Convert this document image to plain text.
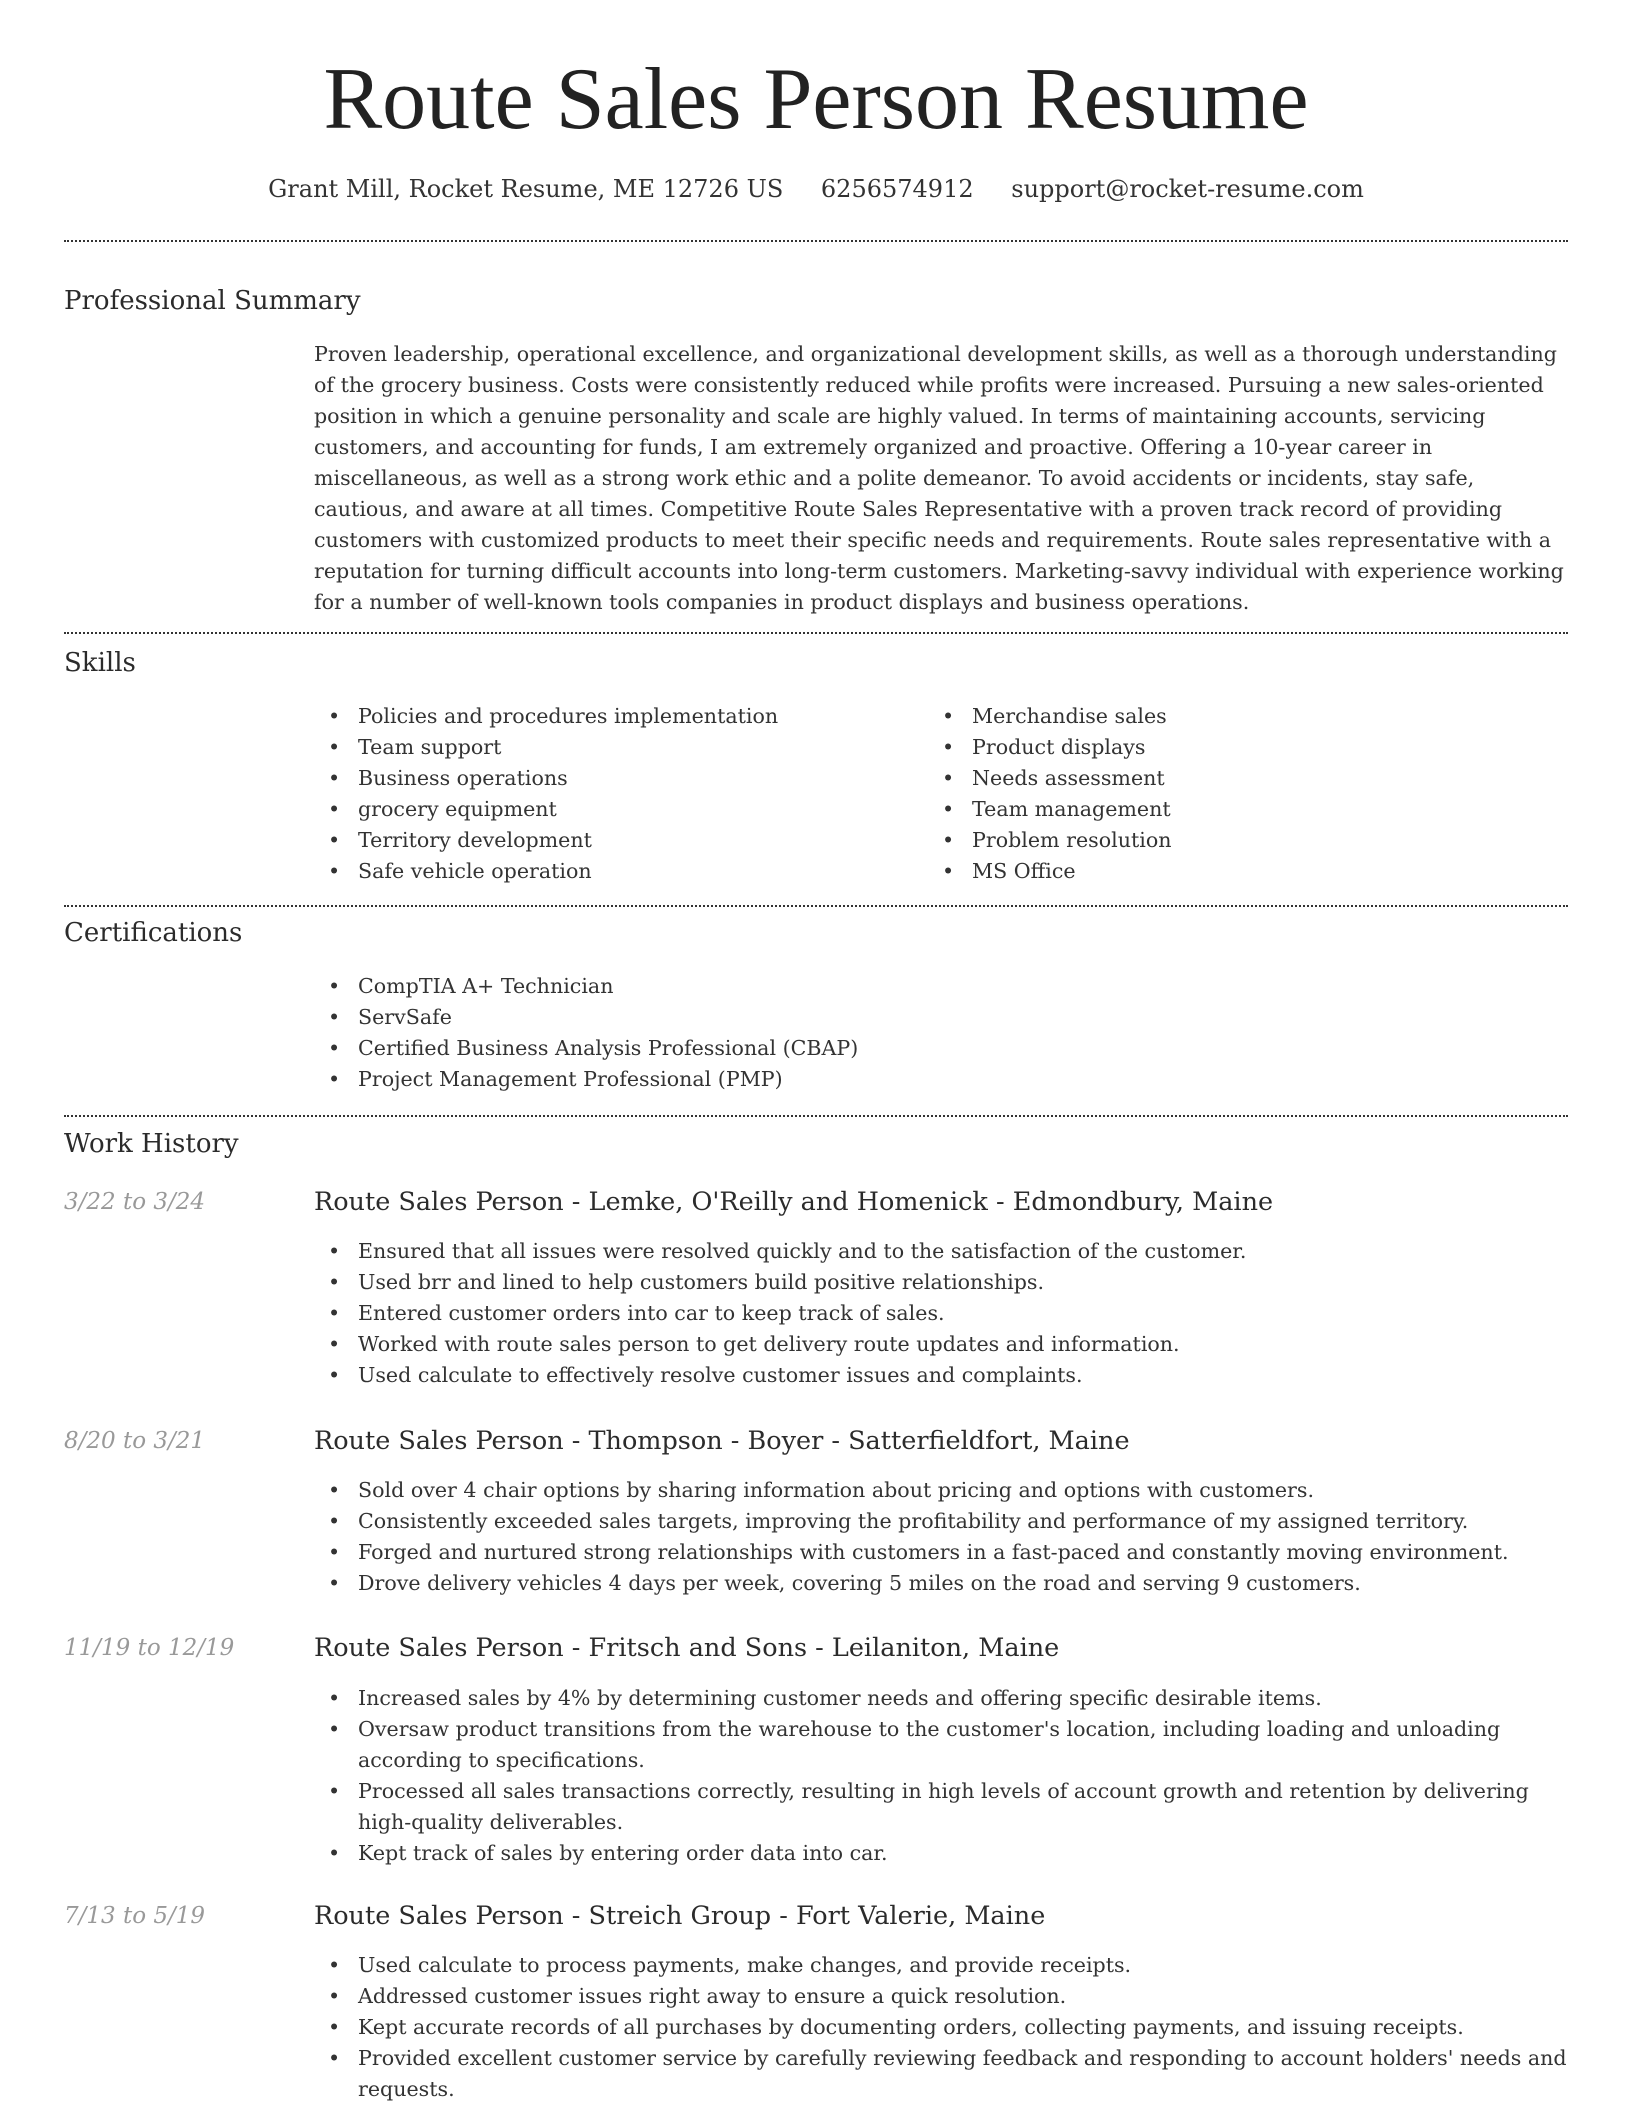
Route Sales Person Resume
Grant Mill, Rocket Resume, ME 12726 US 6256574912 support@rocket-resume.com
Professional Summary

Proven leadership, operational excellence, and organizational development skills, as well as a thorough understanding of the grocery business. Costs were consistently reduced while profits were increased. Pursuing a new sales-oriented position in which a genuine personality and scale are highly valued. In terms of maintaining accounts, servicing customers, and accounting for funds, I am extremely organized and proactive. Offering a 10-year career in miscellaneous, as well as a strong work ethic and a polite demeanor. To avoid accidents or incidents, stay safe, cautious, and aware at all times. Competitive Route Sales Representative with a proven track record of providing customers with customized products to meet their specific needs and requirements. Route sales representative with a reputation for turning difficult accounts into long-term customers. Marketing-savvy individual with experience working for a number of well-known tools companies in product displays and business operations.

Skills
• Policies and procedures implementation
• Team support
• Business operations
• grocery equipment
• Territory development
• Safe vehicle operation
• Merchandise sales
• Product displays
• Needs assessment
• Team management
• Problem resolution
• MS Office
Certifications
• CompTIA A+ Technician
• ServSafe
• Certified Business Analysis Professional (CBAP)
• Project Management Professional (PMP)
Work History
3/22 to 3/24	Route Sales Person - Lemke, O'Reilly and Homenick - Edmondbury, Maine
• Ensured that all issues were resolved quickly and to the satisfaction of the customer.
• Used brr and lined to help customers build positive relationships.
• Entered customer orders into car to keep track of sales.
• Worked with route sales person to get delivery route updates and information.
• Used calculate to effectively resolve customer issues and complaints.
8/20 to 3/21	Route Sales Person - Thompson - Boyer - Satterfieldfort, Maine
• Sold over 4 chair options by sharing information about pricing and options with customers.
• Consistently exceeded sales targets, improving the profitability and performance of my assigned territory.
• Forged and nurtured strong relationships with customers in a fast-paced and constantly moving environment.
• Drove delivery vehicles 4 days per week, covering 5 miles on the road and serving 9 customers.
11/19 to 12/19	Route Sales Person - Fritsch and Sons - Leilaniton, Maine
• Increased sales by 4% by determining customer needs and offering specific desirable items.
• Oversaw product transitions from the warehouse to the customer's location, including loading and unloading according to specifications.
• Processed all sales transactions correctly, resulting in high levels of account growth and retention by delivering high-quality deliverables.
• Kept track of sales by entering order data into car.
7/13 to 5/19	Route Sales Person - Streich Group - Fort Valerie, Maine
• Used calculate to process payments, make changes, and provide receipts.
• Addressed customer issues right away to ensure a quick resolution.
• Kept accurate records of all purchases by documenting orders, collecting payments, and issuing receipts.
• Provided excellent customer service by carefully reviewing feedback and responding to account holders' needs and requests.
